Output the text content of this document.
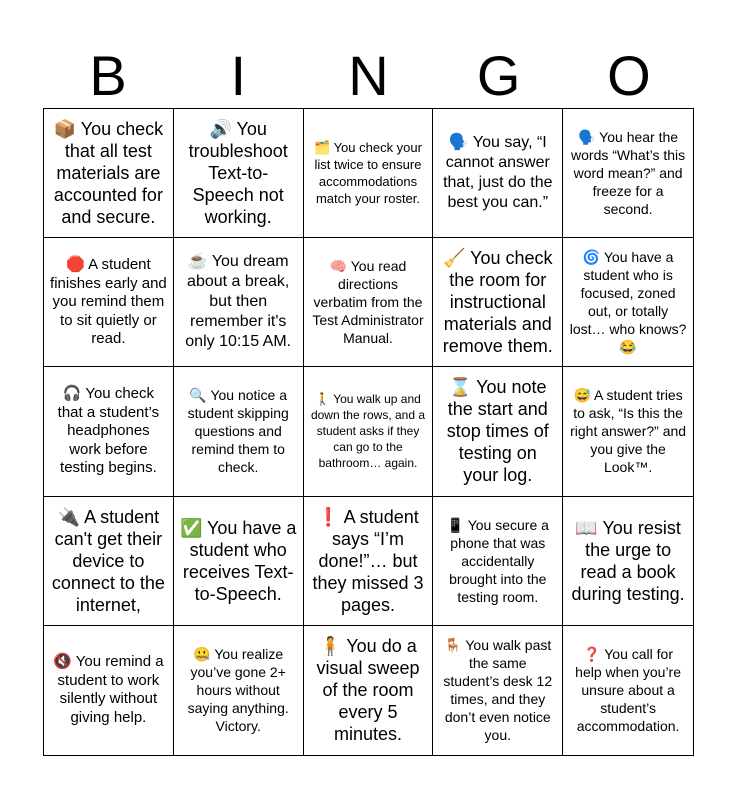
B	I	N	G	O
📦 You check that all test materials are accounted for and secure.
🔊 You troubleshoot Text-to-Speech not working.
🗂️ You check your list twice to ensure accommodations match your roster.
🗣️ You say, “I cannot answer that, just do the best you can.”
🗣️ You hear the words “What’s this word mean?” and freeze for a second.
🛑 A student finishes early and you remind them to sit quietly or read.
☕ You dream about a break, but then remember it's only 10:15 AM.
🧠 You read directions verbatim from the Test Administrator Manual.
🧹 You check the room for instructional materials and remove them.
🌀 You have a student who is focused, zoned out, or totally lost… who knows? 😂
🎧 You check that a student’s headphones work before testing begins.
🔍 You notice a student skipping questions and remind them to check.
🚶 You walk up and down the rows, and a student asks if they can go to the bathroom… again.
⌛ You note the start and stop times of testing on your log.
😅 A student tries to ask, “Is this the right answer?” and you give the Look™.
🔌 A student can't get their device to connect to the internet,
✅ You have a student who receives Text-to-Speech.
❗ A student says “I’m done!”… but they missed 3 pages.
📱 You secure a phone that was accidentally brought into the testing room.
📖 You resist the urge to read a book during testing.
🔇 You remind a student to work silently without giving help.
🤐 You realize you’ve gone 2+ hours without saying anything. Victory.
🧍 You do a visual sweep of the room every 5 minutes.
🪑 You walk past the same student’s desk 12 times, and they don’t even notice you.
❓ You call for help when you’re unsure about a student’s accommodation.
